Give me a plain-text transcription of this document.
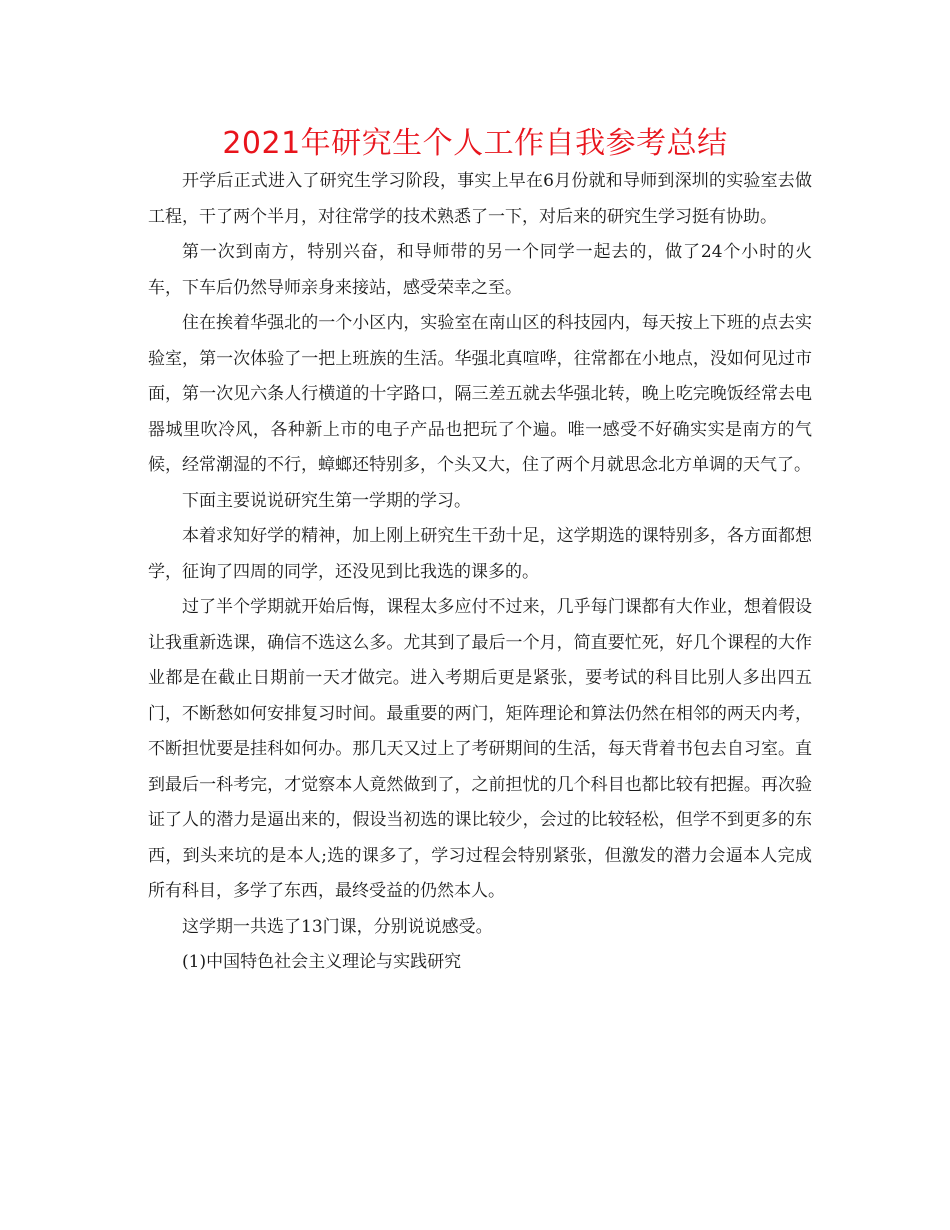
2021年研究生个人工作自我参考总结

开学后正式进入了研究生学习阶段，事实上早在6月份就和导师到深圳的实验室去做工程，干了两个半月，对往常学的技术熟悉了一下，对后来的研究生学习挺有协助。

第一次到南方，特别兴奋，和导师带的另一个同学一起去的，做了24个小时的火车，下车后仍然导师亲身来接站，感受荣幸之至。

住在挨着华强北的一个小区内，实验室在南山区的科技园内，每天按上下班的点去实验室，第一次体验了一把上班族的生活。华强北真喧哗，往常都在小地点，没如何见过市面，第一次见六条人行横道的十字路口，隔三差五就去华强北转，晚上吃完晚饭经常去电器城里吹冷风，各种新上市的电子产品也把玩了个遍。唯一感受不好确实实是南方的气候，经常潮湿的不行，蟑螂还特别多，个头又大，住了两个月就思念北方单调的天气了。

下面主要说说研究生第一学期的学习。

本着求知好学的精神，加上刚上研究生干劲十足，这学期选的课特别多，各方面都想学，征询了四周的同学，还没见到比我选的课多的。

过了半个学期就开始后悔，课程太多应付不过来，几乎每门课都有大作业，想着假设让我重新选课，确信不选这么多。尤其到了最后一个月，简直要忙死，好几个课程的大作业都是在截止日期前一天才做完。进入考期后更是紧张，要考试的科目比别人多出四五门，不断愁如何安排复习时间。最重要的两门，矩阵理论和算法仍然在相邻的两天内考，不断担忧要是挂科如何办。那几天又过上了考研期间的生活，每天背着书包去自习室。直到最后一科考完，才觉察本人竟然做到了，之前担忧的几个科目也都比较有把握。再次验证了人的潜力是逼出来的，假设当初选的课比较少，会过的比较轻松，但学不到更多的东西，到头来坑的是本人;选的课多了，学习过程会特别紧张，但激发的潜力会逼本人完成所有科目，多学了东西，最终受益的仍然本人。

这学期一共选了13门课，分别说说感受。

(1)中国特色社会主义理论与实践研究
